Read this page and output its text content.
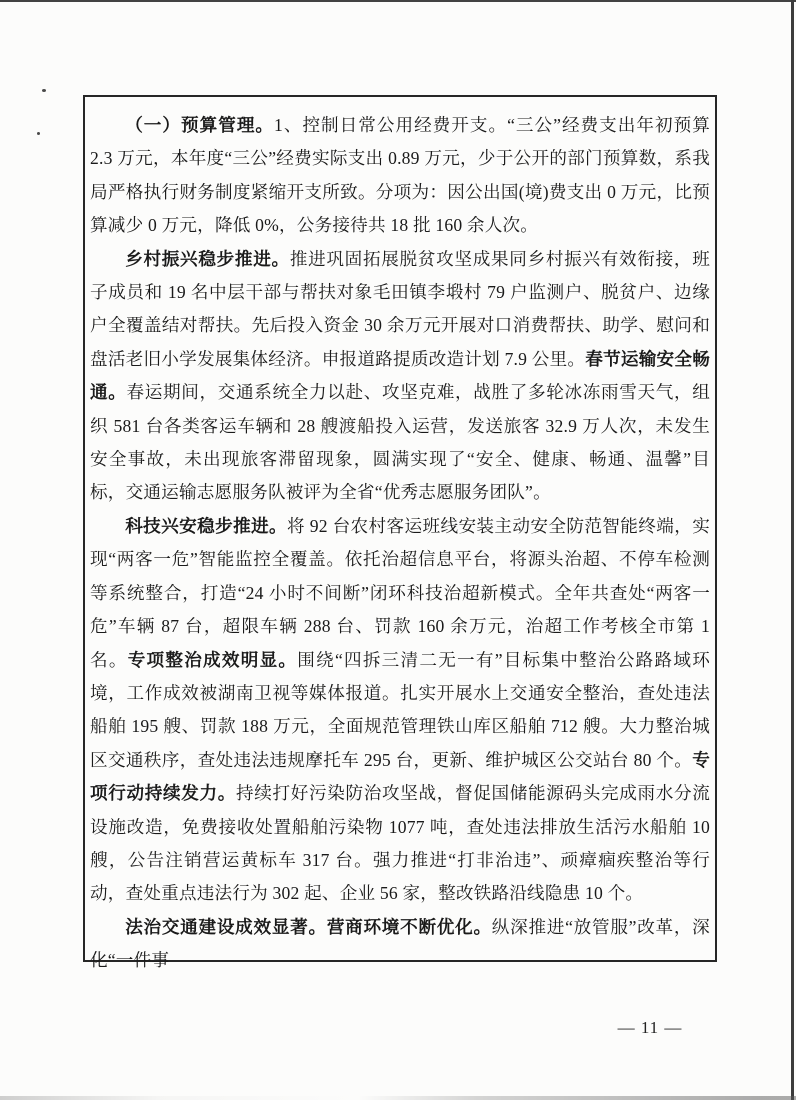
（一）预算管理。1、控制日常公用经费开支。“三公”经费支出年初预算 2.3 万元，本年度“三公”经费实际支出 0.89 万元，少于公开的部门预算数，系我局严格执行财务制度紧缩开支所致。分项为：因公出国(境)费支出 0 万元，比预算减少 0 万元，降低 0%，公务接待共 18 批 160 余人次。
乡村振兴稳步推进。推进巩固拓展脱贫攻坚成果同乡村振兴有效衔接，班子成员和 19 名中层干部与帮扶对象毛田镇李塅村 79 户监测户、脱贫户、边缘户全覆盖结对帮扶。先后投入资金 30 余万元开展对口消费帮扶、助学、慰问和盘活老旧小学发展集体经济。申报道路提质改造计划 7.9 公里。春节运输安全畅通。春运期间，交通系统全力以赴、攻坚克难，战胜了多轮冰冻雨雪天气，组织 581 台各类客运车辆和 28 艘渡船投入运营，发送旅客 32.9 万人次，未发生安全事故，未出现旅客滞留现象，圆满实现了“安全、健康、畅通、温馨”目标，交通运输志愿服务队被评为全省“优秀志愿服务团队”。
科技兴安稳步推进。将 92 台农村客运班线安装主动安全防范智能终端，实现“两客一危”智能监控全覆盖。依托治超信息平台，将源头治超、不停车检测等系统整合，打造“24 小时不间断”闭环科技治超新模式。全年共查处“两客一危”车辆 87 台，超限车辆 288 台、罚款 160 余万元，治超工作考核全市第 1 名。专项整治成效明显。围绕“四拆三清二无一有”目标集中整治公路路域环境，工作成效被湖南卫视等媒体报道。扎实开展水上交通安全整治，查处违法船舶 195 艘、罚款 188 万元，全面规范管理铁山库区船舶 712 艘。大力整治城区交通秩序，查处违法违规摩托车 295 台，更新、维护城区公交站台 80 个。专项行动持续发力。持续打好污染防治攻坚战，督促国储能源码头完成雨水分流设施改造，免费接收处置船舶污染物 1077 吨，查处违法排放生活污水船舶 10 艘，公告注销营运黄标车 317 台。强力推进“打非治违”、顽瘴痼疾整治等行动，查处重点违法行为 302 起、企业 56 家，整改铁路沿线隐患 10 个。
法治交通建设成效显著。营商环境不断优化。纵深推进“放管服”改革，深化“一件事
— 11 —
